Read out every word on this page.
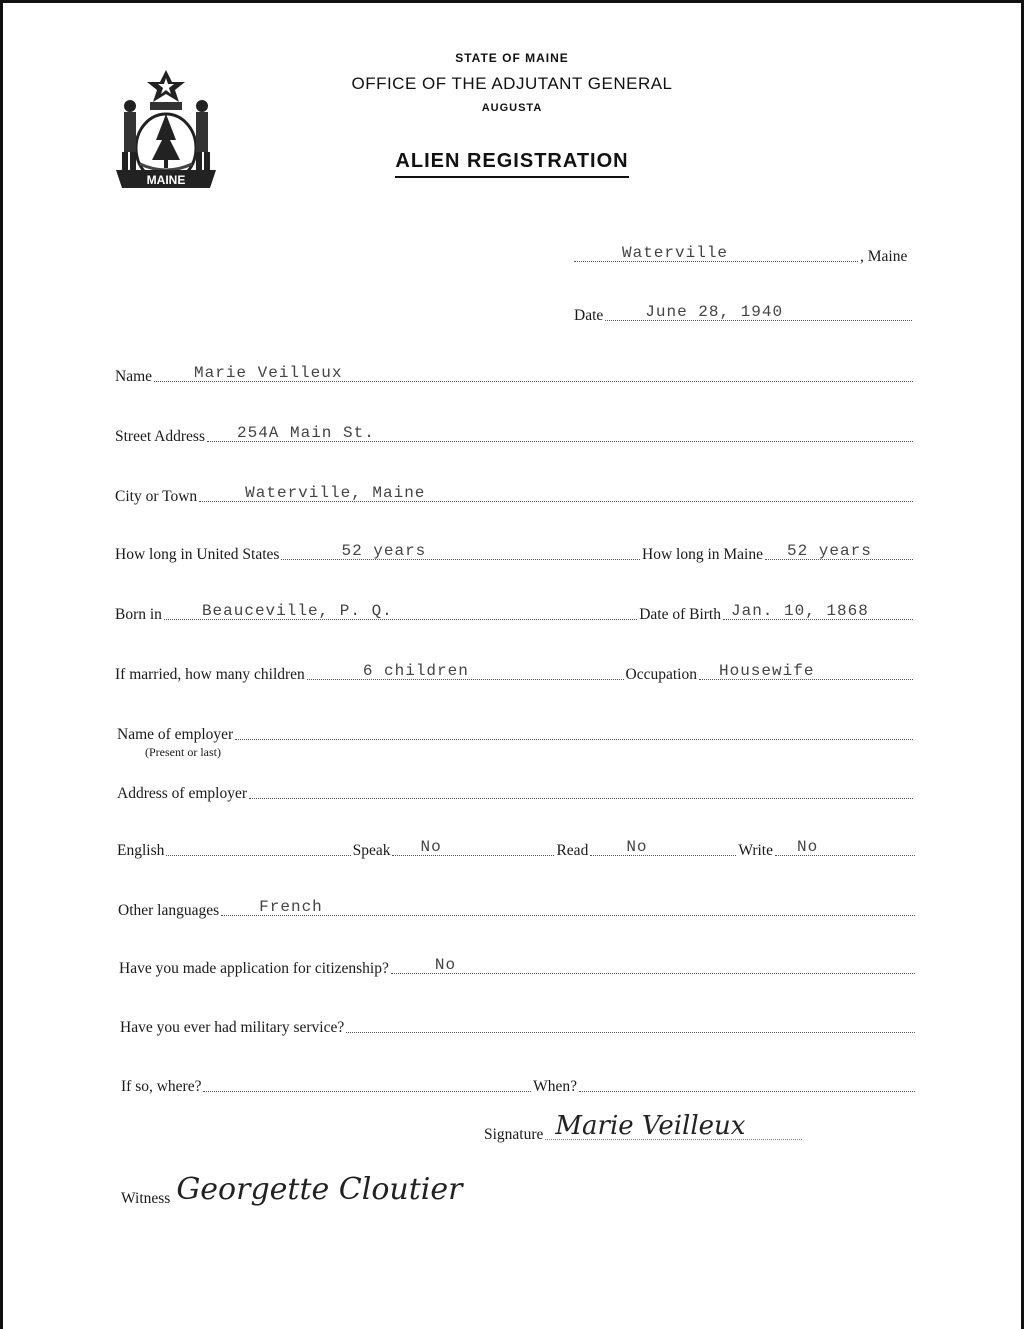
MAINE
STATE OF MAINE
OFFICE OF THE ADJUTANT GENERAL
AUGUSTA
ALIEN REGISTRATION
Waterville	, Maine
Date	June 28, 1940
Name	Marie Veilleux
Street Address 254A Main St.
City or Town	Waterville, Maine
How long in United States	52 years	How long in Maine 52 years
Born in	Beauceville, P. Q.	Date of Birth Jan. 10, 1868
If married, how many children	6 children	Occupation Housewife
Name of employer
(Present or last)
Address of employer
English	Speak No	Read No	Write No
Other languages	French
Have you made application for citizenship?	No
Have you ever had military service?
If so, where?	When?
Signature Marie Veilleux
Witness Georgette Cloutier
